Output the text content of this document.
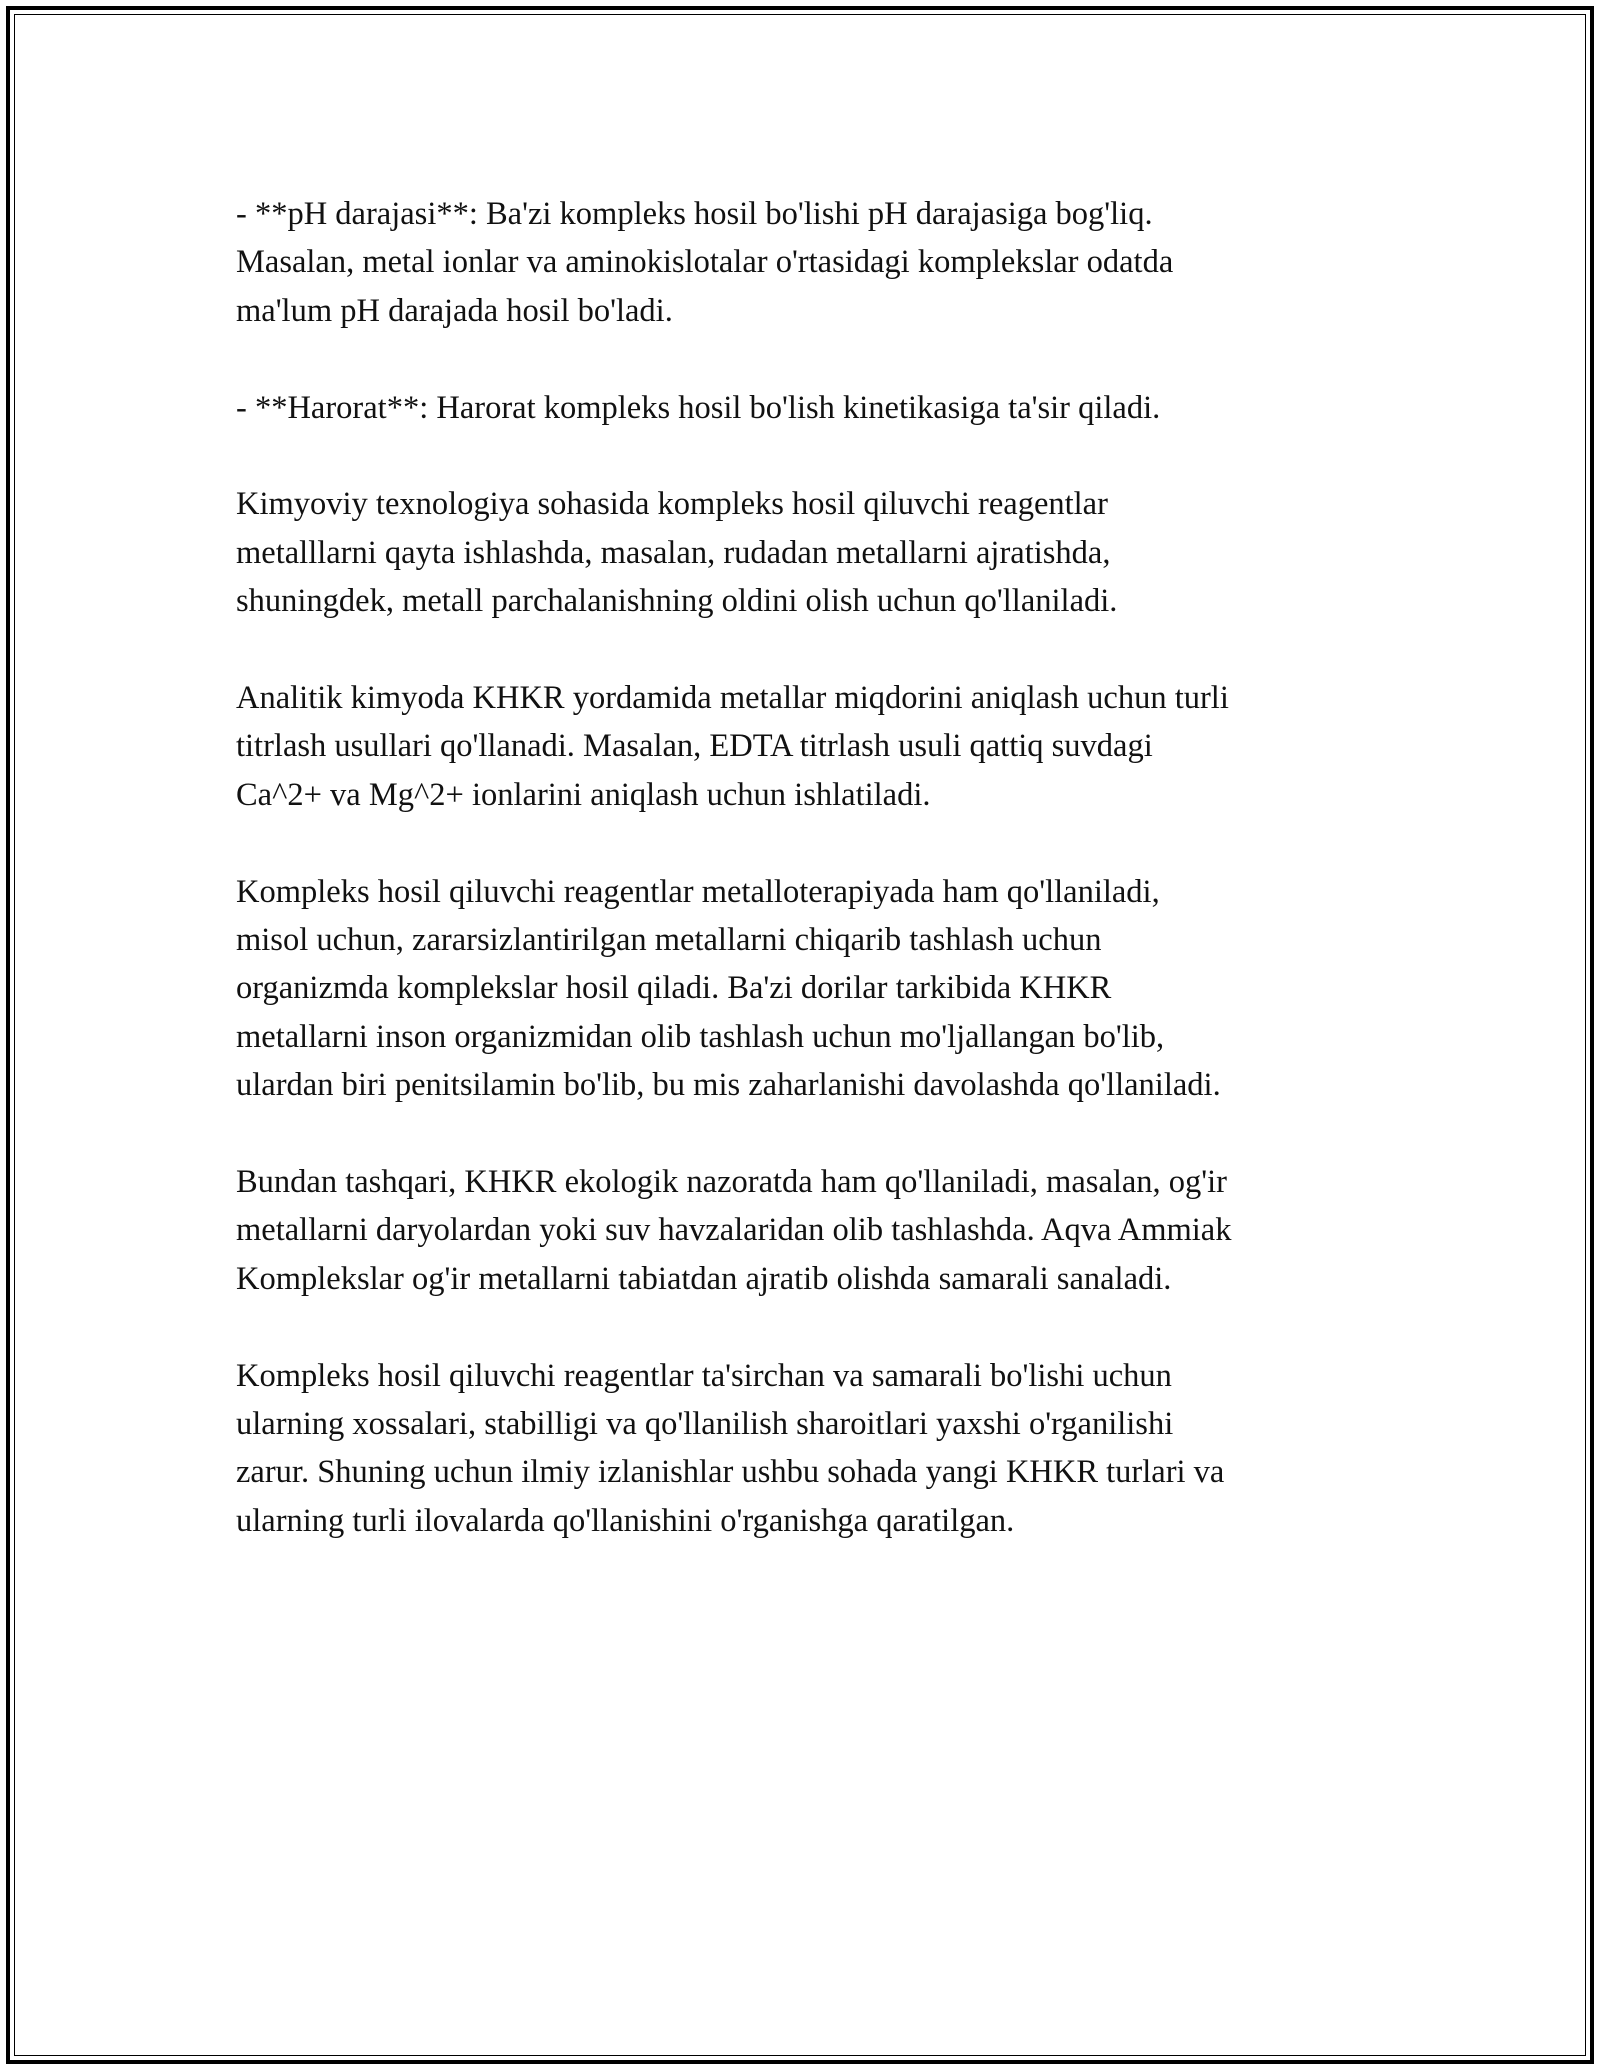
- **pH darajasi**: Ba'zi kompleks hosil bo'lishi pH darajasiga bog'liq.
Masalan, metal ionlar va aminokislotalar o'rtasidagi komplekslar odatda
ma'lum pH darajada hosil bo'ladi.

- **Harorat**: Harorat kompleks hosil bo'lish kinetikasiga ta'sir qiladi.

Kimyoviy texnologiya sohasida kompleks hosil qiluvchi reagentlar
metalllarni qayta ishlashda, masalan, rudadan metallarni ajratishda,
shuningdek, metall parchalanishning oldini olish uchun qo'llaniladi.

Analitik kimyoda KHKR yordamida metallar miqdorini aniqlash uchun turli
titrlash usullari qo'llanadi. Masalan, EDTA titrlash usuli qattiq suvdagi
Ca^2+ va Mg^2+ ionlarini aniqlash uchun ishlatiladi.

Kompleks hosil qiluvchi reagentlar metalloterapiyada ham qo'llaniladi,
misol uchun, zararsizlantirilgan metallarni chiqarib tashlash uchun
organizmda komplekslar hosil qiladi. Ba'zi dorilar tarkibida KHKR
metallarni inson organizmidan olib tashlash uchun mo'ljallangan bo'lib,
ulardan biri penitsilamin bo'lib, bu mis zaharlanishi davolashda qo'llaniladi.

Bundan tashqari, KHKR ekologik nazoratda ham qo'llaniladi, masalan, og'ir
metallarni daryolardan yoki suv havzalaridan olib tashlashda. Aqva Ammiak
Komplekslar og'ir metallarni tabiatdan ajratib olishda samarali sanaladi.

Kompleks hosil qiluvchi reagentlar ta'sirchan va samarali bo'lishi uchun
ularning xossalari, stabilligi va qo'llanilish sharoitlari yaxshi o'rganilishi
zarur. Shuning uchun ilmiy izlanishlar ushbu sohada yangi KHKR turlari va
ularning turli ilovalarda qo'llanishini o'rganishga qaratilgan.
